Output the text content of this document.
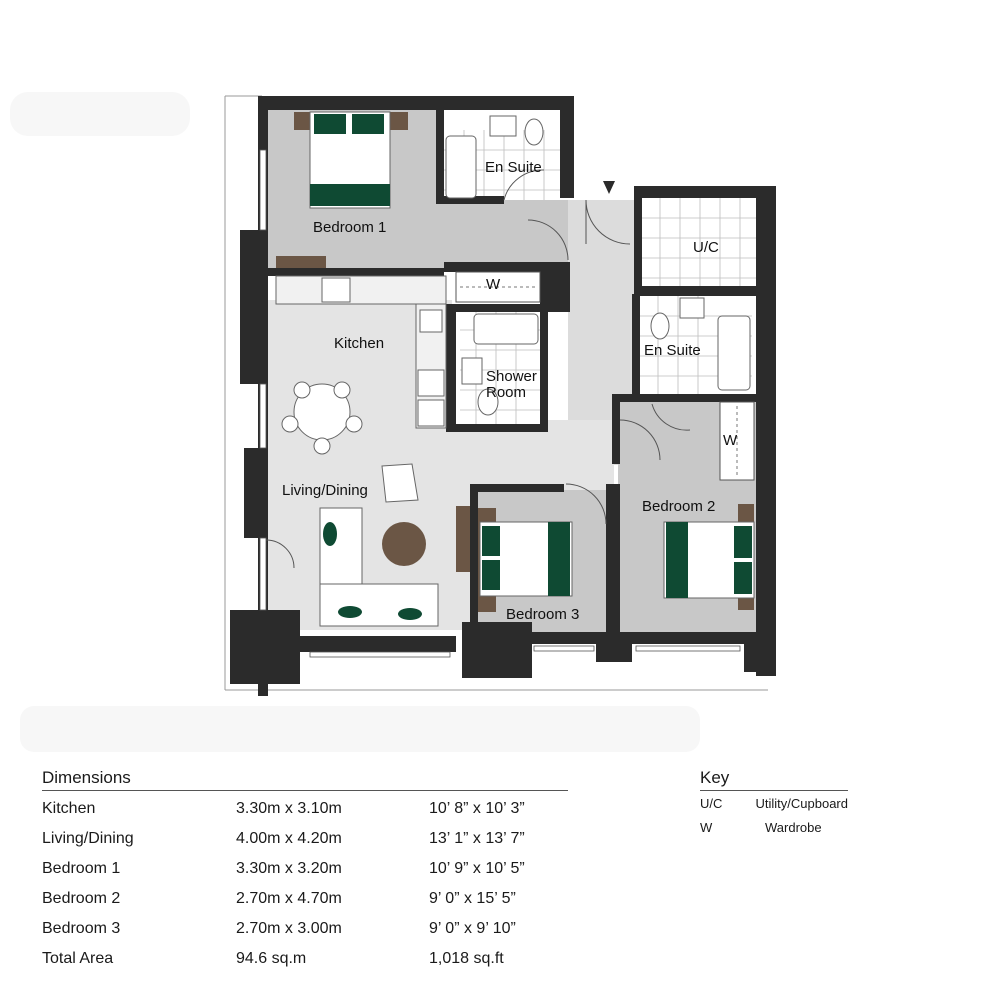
Bedroom 1
En Suite
U/C
W
Kitchen	En Suite
Shower
Room
W
Living/Dining
Bedroom 2
Bedroom 3
Dimensions
Kitchen	3.30m x 3.10m	10’ 8” x 10’ 3”
Living/Dining	4.00m x 4.20m	13’ 1” x 13’ 7”
Bedroom 1	3.30m x 3.20m	10’ 9” x 10’ 5”
Bedroom 2	2.70m x 4.70m	9’ 0” x 15’ 5”
Bedroom 3	2.70m x 3.00m	9’ 0” x 9’ 10”
Total Area	94.6 sq.m	1,018 sq.ft
Key
U/C	Utility/Cupboard
W	Wardrobe
